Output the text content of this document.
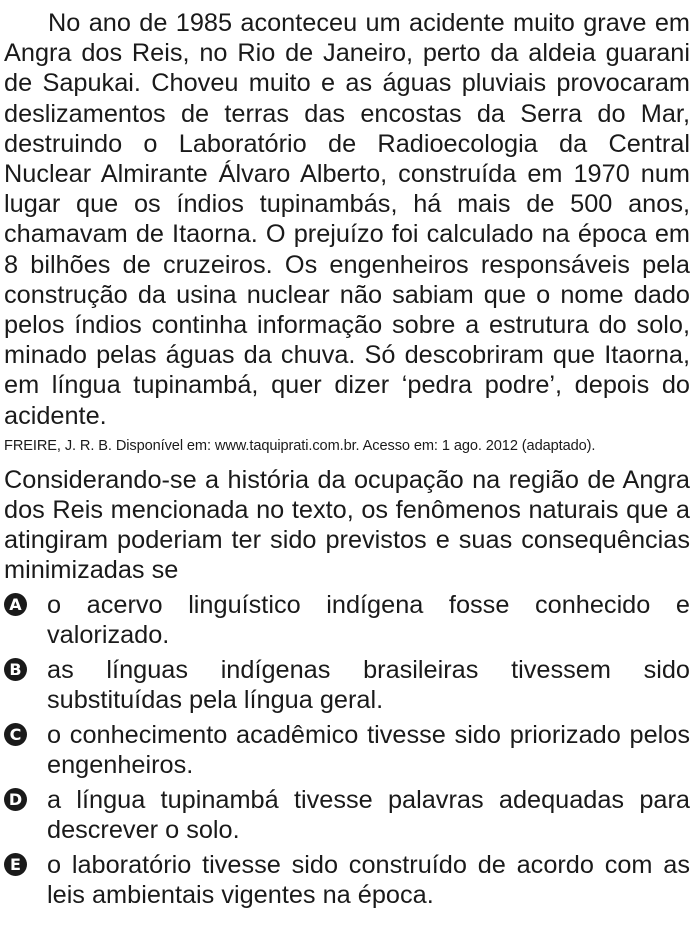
No ano de 1985 aconteceu um acidente muito grave em Angra dos Reis, no Rio de Janeiro, perto da aldeia guarani de Sapukai. Choveu muito e as águas pluviais provocaram deslizamentos de terras das encostas da Serra do Mar, destruindo o Laboratório de Radioecologia da Central Nuclear Almirante Álvaro Alberto, construída em 1970 num lugar que os índios tupinambás, há mais de 500 anos, chamavam de Itaorna. O prejuízo foi calculado na época em 8 bilhões de cruzeiros. Os engenheiros responsáveis pela construção da usina nuclear não sabiam que o nome dado pelos índios continha informação sobre a estrutura do solo, minado pelas águas da chuva. Só descobriram que Itaorna, em língua tupinambá, quer dizer ‘pedra podre’, depois do acidente.

FREIRE, J. R. B. Disponível em: www.taquiprati.com.br. Acesso em: 1 ago. 2012 (adaptado).

Considerando-se a história da ocupação na região de Angra dos Reis mencionada no texto, os fenômenos naturais que a atingiram poderiam ter sido previstos e suas consequências minimizadas se

A o acervo linguístico indígena fosse conhecido e valorizado.
B as línguas indígenas brasileiras tivessem sido substituídas pela língua geral.
C o conhecimento acadêmico tivesse sido priorizado pelos engenheiros.
D a língua tupinambá tivesse palavras adequadas para descrever o solo.
E o laboratório tivesse sido construído de acordo com as leis ambientais vigentes na época.
